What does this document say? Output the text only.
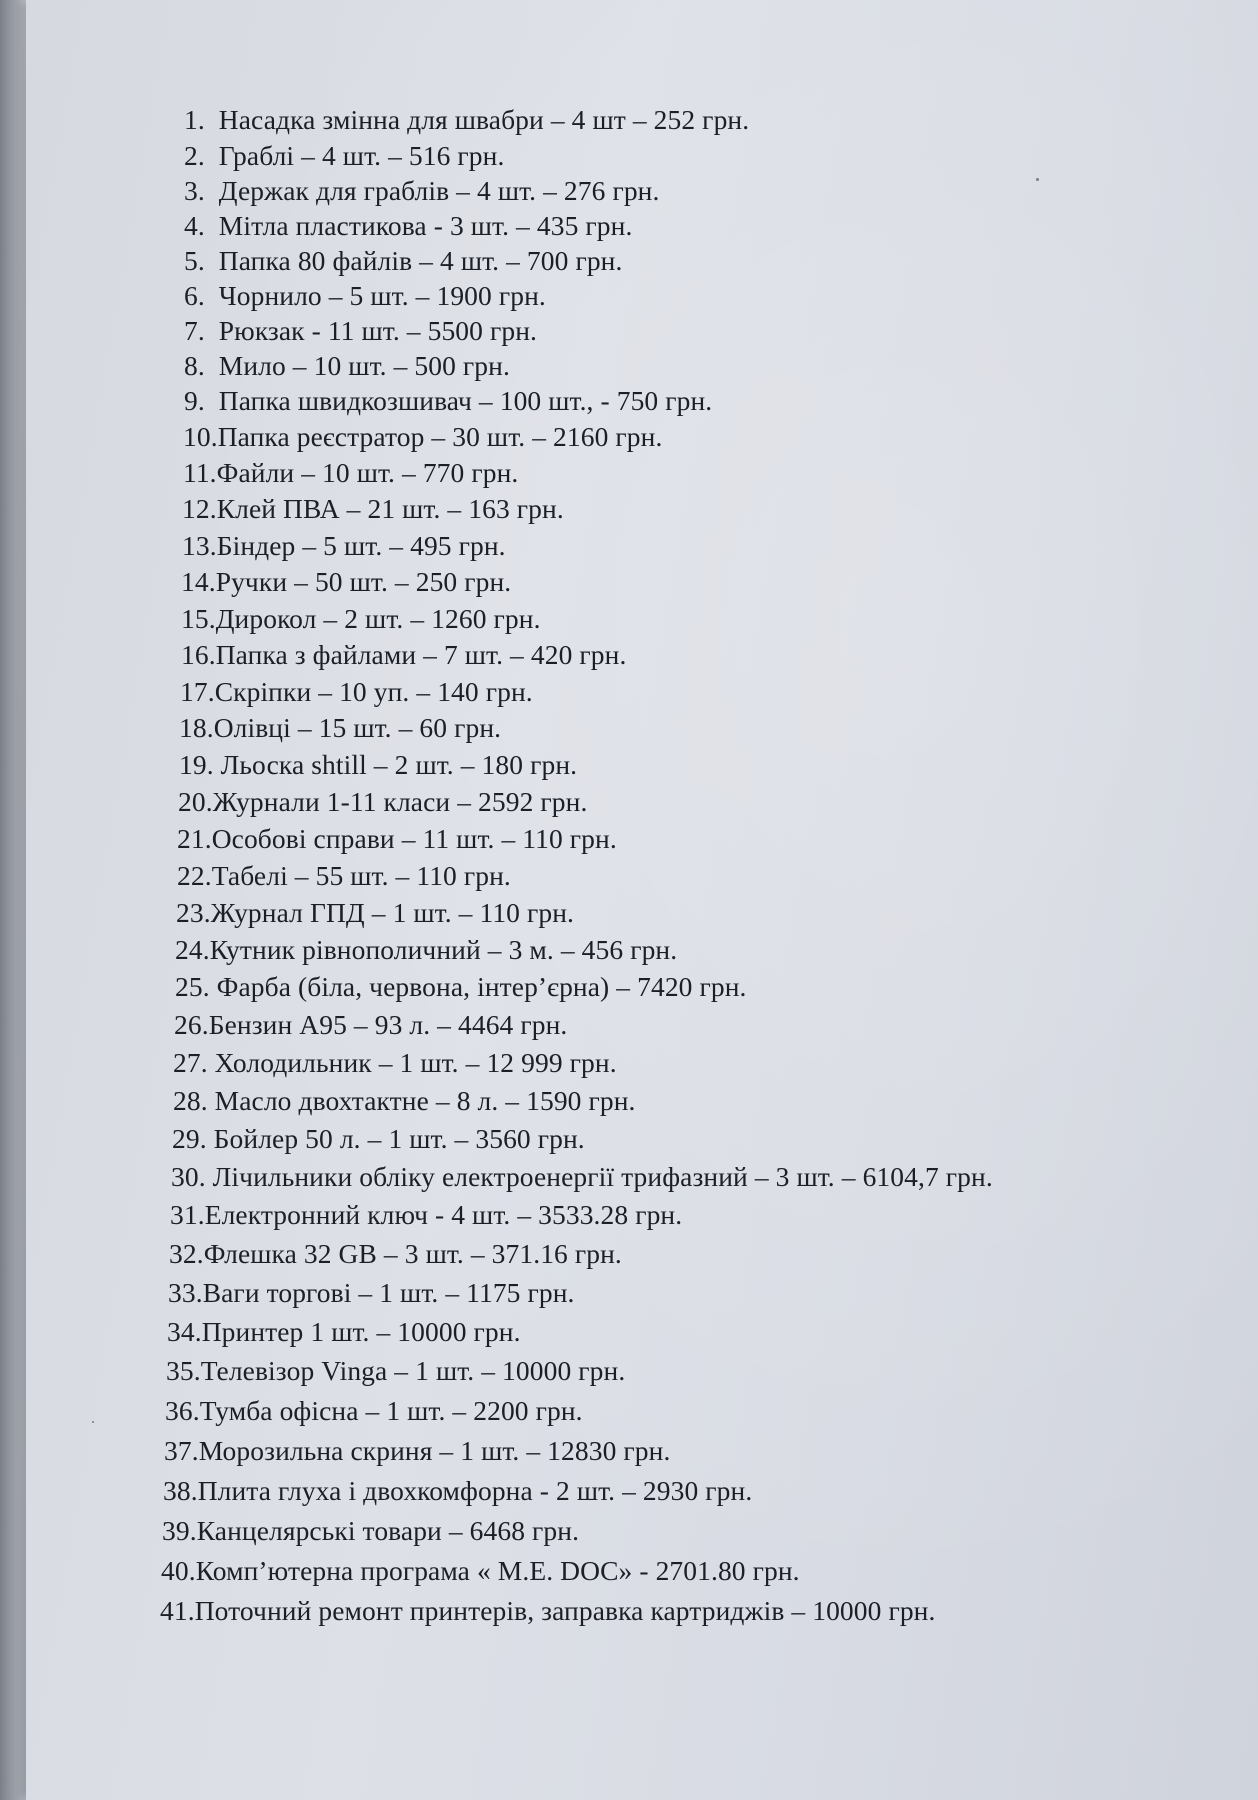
1. Насадка змінна для швабри – 4 шт – 252 грн.
2. Граблі – 4 шт. – 516 грн.
3. Держак для граблів – 4 шт. – 276 грн.
4. Мітла пластикова - 3 шт. – 435 грн.
5. Папка 80 файлів – 4 шт. – 700 грн.
6. Чорнило – 5 шт. – 1900 грн.
7. Рюкзак - 11 шт. – 5500 грн.
8. Мило – 10 шт. – 500 грн.
9. Папка швидкозшивач – 100 шт., - 750 грн.
10.Папка реєстратор – 30 шт. – 2160 грн.
11.Файли – 10 шт. – 770 грн.
12.Клей ПВА – 21 шт. – 163 грн.
13.Біндер – 5 шт. – 495 грн.
14.Ручки – 50 шт. – 250 грн.
15.Дирокол – 2 шт. – 1260 грн.
16.Папка з файлами – 7 шт. – 420 грн.
17.Скріпки – 10 уп. – 140 грн.
18.Олівці – 15 шт. – 60 грн.
19. Льоска shtill – 2 шт. – 180 грн.
20.Журнали 1-11 класи – 2592 грн.
21.Особові справи – 11 шт. – 110 грн.
22.Табелі – 55 шт. – 110 грн.
23.Журнал ГПД – 1 шт. – 110 грн.
24.Кутник рівнополичний – 3 м. – 456 грн.
25. Фарба (біла, червона, інтер’єрна) – 7420 грн.
26.Бензин А95 – 93 л. – 4464 грн.
27. Холодильник – 1 шт. – 12 999 грн.
28. Масло двохтактне – 8 л. – 1590 грн.
29. Бойлер 50 л. – 1 шт. – 3560 грн.
30. Лічильники обліку електроенергії трифазний – 3 шт. – 6104,7 грн.
31.Електронний ключ - 4 шт. – 3533.28 грн.
32.Флешка 32 GB – 3 шт. – 371.16 грн.
33.Ваги торгові – 1 шт. – 1175 грн.
34.Принтер 1 шт. – 10000 грн.
35.Телевізор Vinga – 1 шт. – 10000 грн.
36.Тумба офісна – 1 шт. – 2200 грн.
37.Морозильна скриня – 1 шт. – 12830 грн.
38.Плита глуха і двохкомфорна - 2 шт. – 2930 грн.
39.Канцелярські товари – 6468 грн.
40.Комп’ютерна програма « M.E. DOC» - 2701.80 грн.
41.Поточний ремонт принтерів, заправка картриджів – 10000 грн.
